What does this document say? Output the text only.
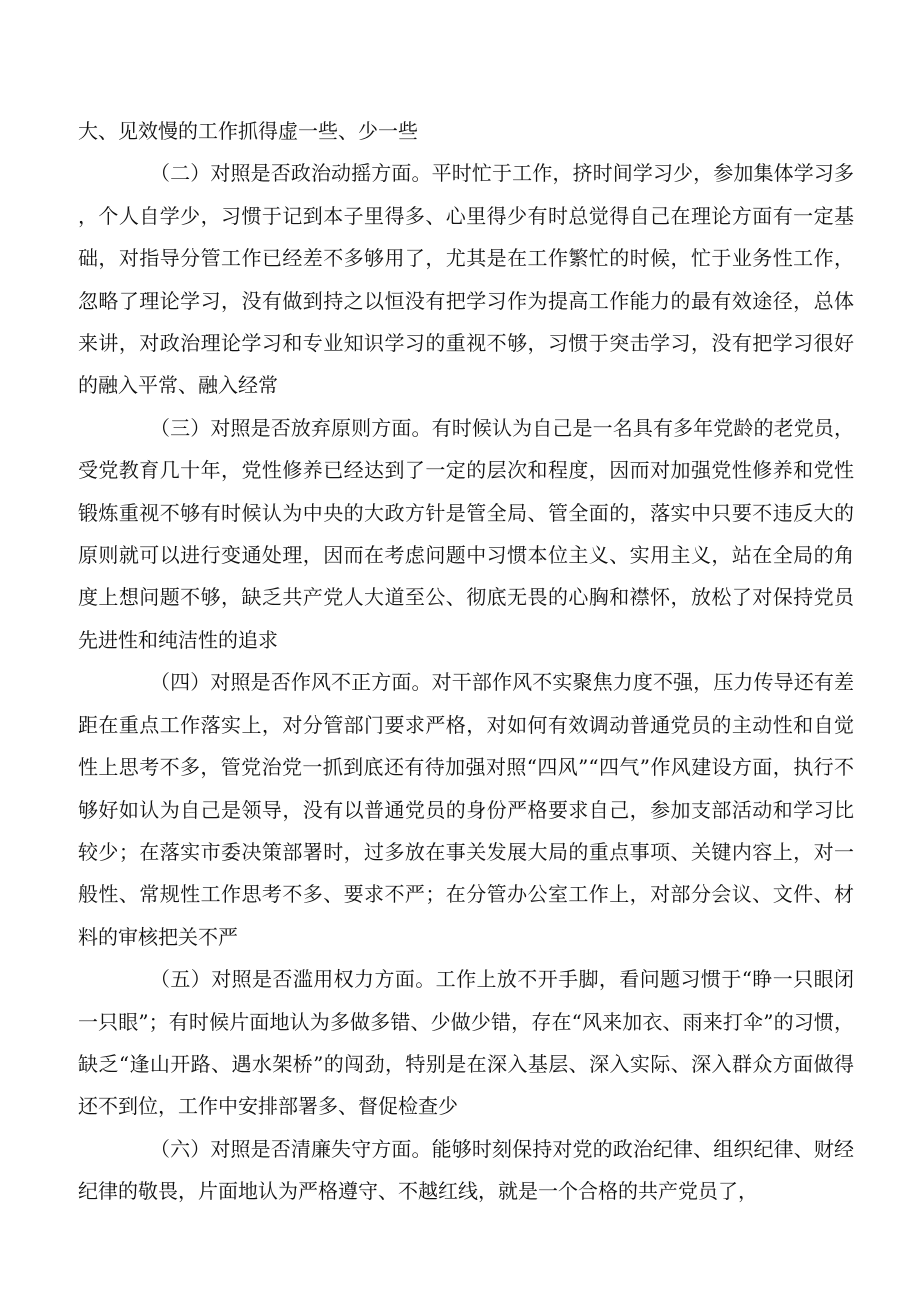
大、见效慢的工作抓得虚一些、少一些

（二）对照是否政治动摇方面。平时忙于工作，挤时间学习少，参加集体学习多，个人自学少，习惯于记到本子里得多、心里得少有时总觉得自己在理论方面有一定基础，对指导分管工作已经差不多够用了，尤其是在工作繁忙的时候，忙于业务性工作，忽略了理论学习，没有做到持之以恒没有把学习作为提高工作能力的最有效途径，总体来讲，对政治理论学习和专业知识学习的重视不够，习惯于突击学习，没有把学习很好的融入平常、融入经常

（三）对照是否放弃原则方面。有时候认为自己是一名具有多年党龄的老党员，受党教育几十年，党性修养已经达到了一定的层次和程度，因而对加强党性修养和党性锻炼重视不够有时候认为中央的大政方针是管全局、管全面的，落实中只要不违反大的原则就可以进行变通处理，因而在考虑问题中习惯本位主义、实用主义，站在全局的角度上想问题不够，缺乏共产党人大道至公、彻底无畏的心胸和襟怀，放松了对保持党员先进性和纯洁性的追求

（四）对照是否作风不正方面。对干部作风不实聚焦力度不强，压力传导还有差距在重点工作落实上，对分管部门要求严格，对如何有效调动普通党员的主动性和自觉性上思考不多，管党治党一抓到底还有待加强对照“四风”“四气”作风建设方面，执行不够好如认为自己是领导，没有以普通党员的身份严格要求自己，参加支部活动和学习比较少；在落实市委决策部署时，过多放在事关发展大局的重点事项、关键内容上，对一般性、常规性工作思考不多、要求不严；在分管办公室工作上，对部分会议、文件、材料的审核把关不严

（五）对照是否滥用权力方面。工作上放不开手脚，看问题习惯于“睁一只眼闭一只眼”；有时候片面地认为多做多错、少做少错，存在“风来加衣、雨来打伞”的习惯，缺乏“逢山开路、遇水架桥”的闯劲，特别是在深入基层、深入实际、深入群众方面做得还不到位，工作中安排部署多、督促检查少

（六）对照是否清廉失守方面。能够时刻保持对党的政治纪律、组织纪律、财经纪律的敬畏，片面地认为严格遵守、不越红线，就是一个合格的共产党员了，
